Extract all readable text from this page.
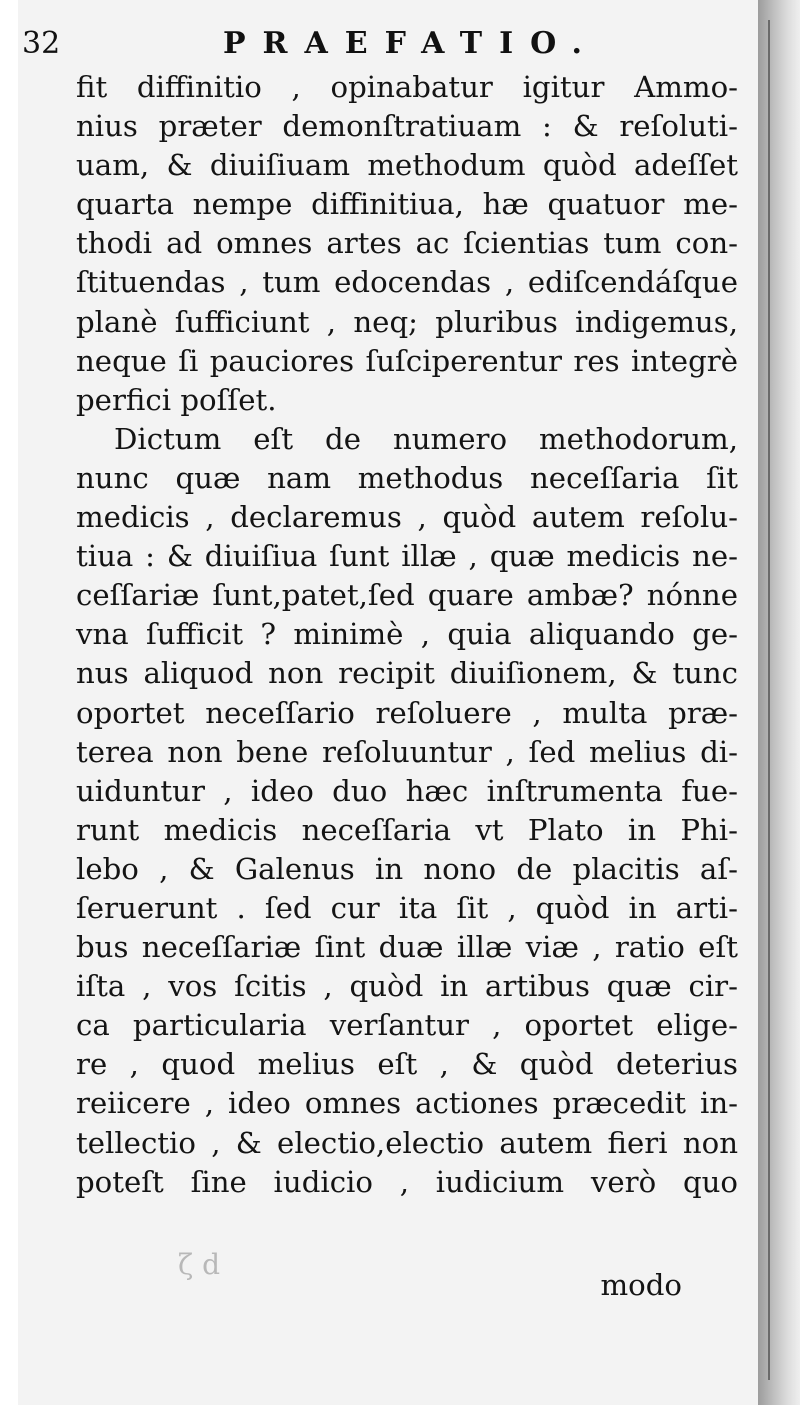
32	PRAEFATIO.
fit diffinitio , opinabatur igitur Ammo-
nius præter demonſtratiuam : & reſoluti-
uam, & diuiſiuam methodum quòd adeſſet
quarta nempe diffinitiua, hæ quatuor me-
thodi ad omnes artes ac ſcientias tum con-
ſtituendas , tum edocendas , ediſcendáſque
planè ſufficiunt , neq; pluribus indigemus,
neque ſi pauciores ſuſciperentur res integrè
perfici poſſet.
Dictum eſt de numero methodorum,
nunc quæ nam methodus neceſſaria ſit
medicis , declaremus , quòd autem reſolu-
tiua : & diuiſiua ſunt illæ , quæ medicis ne-
ceſſariæ ſunt,patet,ſed quare ambæ? nónne
vna ſufficit ? minimè , quia aliquando ge-
nus aliquod non recipit diuiſionem, & tunc
oportet neceſſario reſoluere , multa præ-
terea non bene reſoluuntur , ſed melius di-
uiduntur , ideo duo hæc inſtrumenta fue-
runt medicis neceſſaria vt Plato in Phi-
lebo , & Galenus in nono de placitis aſ-
ſeruerunt . ſed cur ita ſit , quòd in arti-
bus neceſſariæ ſint duæ illæ viæ , ratio eſt
iſta , vos ſcitis , quòd in artibus quæ cir-
ca particularia verſantur , oportet elige-
re , quod melius eſt , & quòd deterius
reiicere , ideo omnes actiones præcedit in-
tellectio , & electio,electio autem fieri non
poteſt ſine iudicio , iudicium verò quo
ζ d
modo
